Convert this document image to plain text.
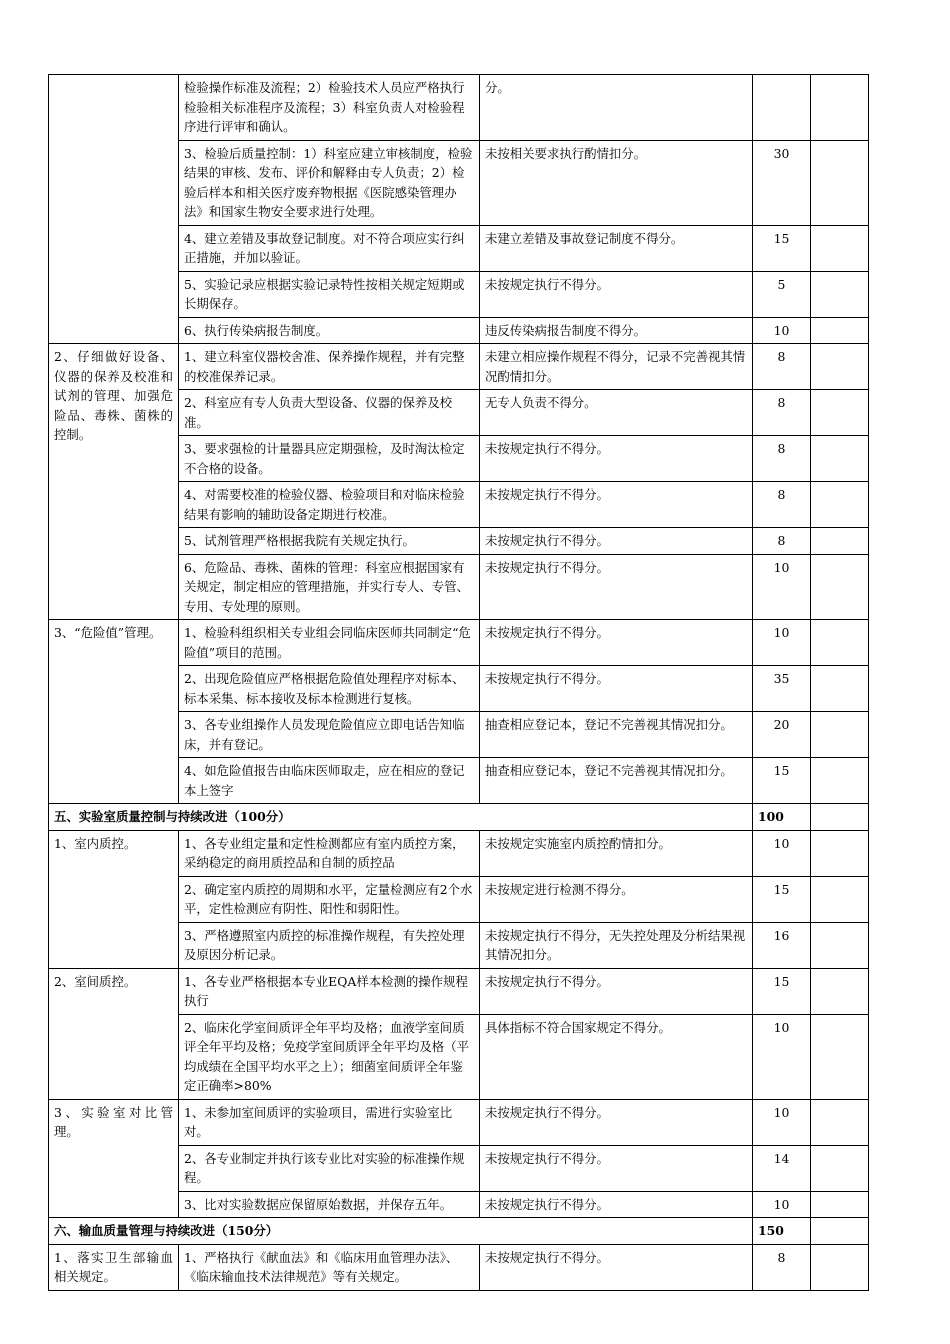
	检验操作标准及流程；2）检验技术人员应严格执行检验相关标准程序及流程；3）科室负责人对检验程序进行评审和确认。	分。		
	3、检验后质量控制：1）科室应建立审核制度，检验结果的审核、发布、评价和解释由专人负责；2）检验后样本和相关医疗废弃物根据《医院感染管理办法》和国家生物安全要求进行处理。	未按相关要求执行酌情扣分。	30	
	4、建立差错及事故登记制度。对不符合项应实行纠正措施，并加以验证。	未建立差错及事故登记制度不得分。	15	
	5、实验记录应根据实验记录特性按相关规定短期或长期保存。	未按规定执行不得分。	5	
	6、执行传染病报告制度。	违反传染病报告制度不得分。	10	
2、仔细做好设备、仪器的保养及校准和试剂的管理、加强危险品、毒株、菌株的控制。	1、建立科室仪器校舍准、保养操作规程，并有完整的校准保养记录。	未建立相应操作规程不得分，记录不完善视其情况酌情扣分。	8	
	2、科室应有专人负责大型设备、仪器的保养及校准。	无专人负责不得分。	8	
	3、要求强检的计量器具应定期强检，及时淘汰检定不合格的设备。	未按规定执行不得分。	8	
	4、对需要校准的检验仪器、检验项目和对临床检验结果有影响的辅助设备定期进行校准。	未按规定执行不得分。	8	
	5、试剂管理严格根据我院有关规定执行。	未按规定执行不得分。	8	
	6、危险品、毒株、菌株的管理：科室应根据国家有关规定，制定相应的管理措施，并实行专人、专管、专用、专处理的原则。	未按规定执行不得分。	10	
3、“危险值”管理。	1、检验科组织相关专业组会同临床医师共同制定“危险值”项目的范围。	未按规定执行不得分。	10	
	2、出现危险值应严格根据危险值处理程序对标本、标本采集、标本接收及标本检测进行复核。	未按规定执行不得分。	35	
	3、各专业组操作人员发现危险值应立即电话告知临床，并有登记。	抽查相应登记本，登记不完善视其情况扣分。	20	
	4、如危险值报告由临床医师取走，应在相应的登记本上签字	抽查相应登记本，登记不完善视其情况扣分。	15	
五、实验室质量控制与持续改进（100分）			100	
1、室内质控。	1、各专业组定量和定性检测都应有室内质控方案，采纳稳定的商用质控品和自制的质控品	未按规定实施室内质控酌情扣分。	10	
	2、确定室内质控的周期和水平，定量检测应有2个水平，定性检测应有阴性、阳性和弱阳性。	未按规定进行检测不得分。	15	
	3、严格遵照室内质控的标准操作规程，有失控处理及原因分析记录。	未按规定执行不得分，无失控处理及分析结果视其情况扣分。	16	
2、室间质控。	1、各专业严格根据本专业EQA样本检测的操作规程执行	未按规定执行不得分。	15	
	2、临床化学室间质评全年平均及格；血液学室间质评全年平均及格；免疫学室间质评全年平均及格（平均成绩在全国平均水平之上）；细菌室间质评全年鉴定正确率>80%	具体指标不符合国家规定不得分。	10	
3、实验室对比管理。	1、未参加室间质评的实验项目，需进行实验室比对。	未按规定执行不得分。	10	
	2、各专业制定并执行该专业比对实验的标准操作规程。	未按规定执行不得分。	14	
	3、比对实验数据应保留原始数据，并保存五年。	未按规定执行不得分。	10	
六、输血质量管理与持续改进（150分）			150	
1、落实卫生部输血相关规定。	1、严格执行《献血法》和《临床用血管理办法》、《临床输血技术法律规范》等有关规定。	未按规定执行不得分。	8	
